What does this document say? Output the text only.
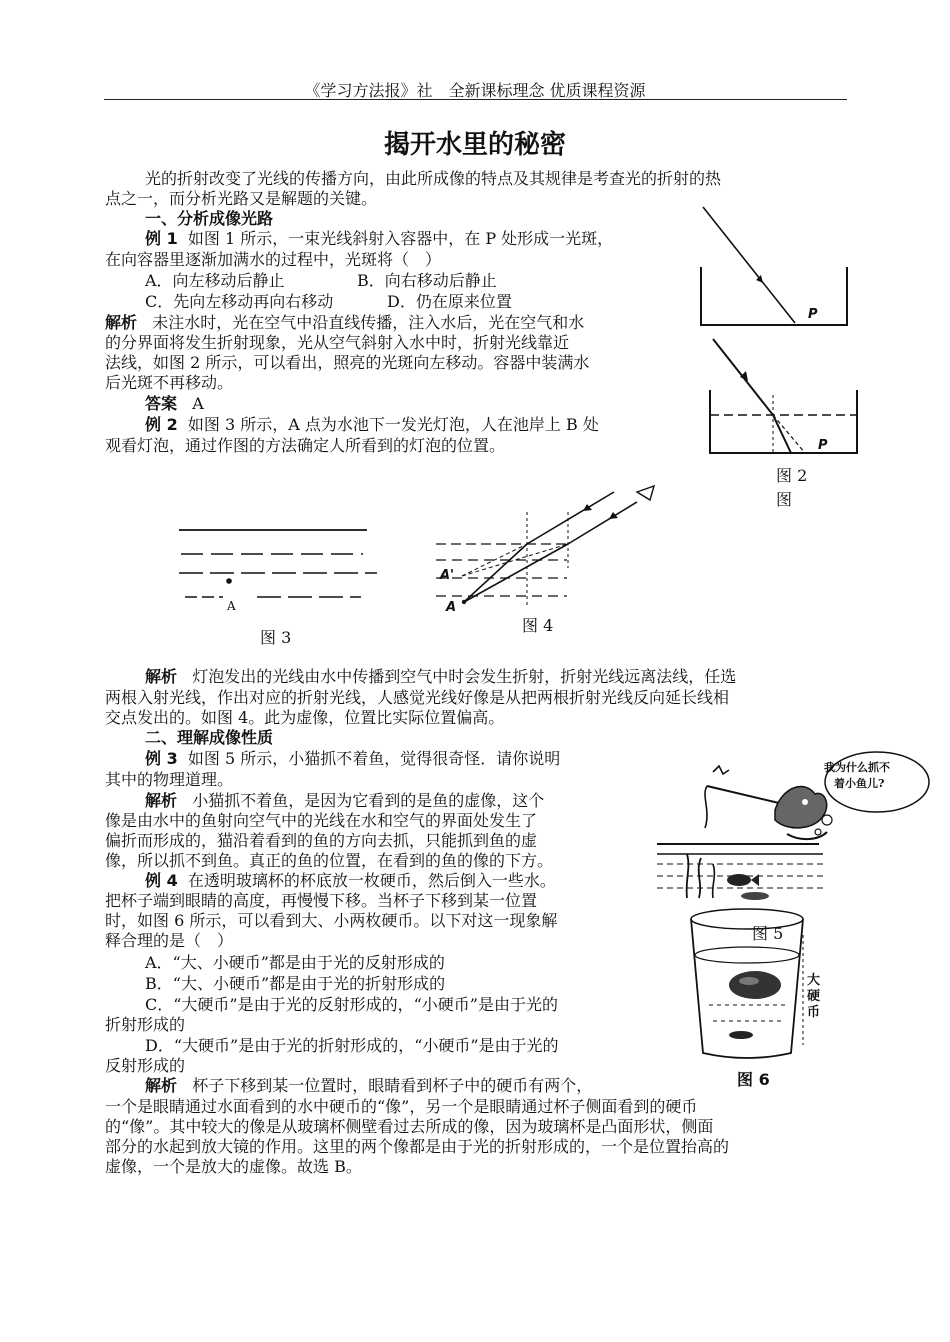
《学习方法报》社　全新课标理念 优质课程资源
揭开水里的秘密
光的折射改变了光线的传播方向，由此所成像的特点及其规律是考查光的折射的热
点之一，而分析光路又是解题的关键。
一、分析成像光路
例 1 如图 1 所示，一束光线斜射入容器中，在 P 处形成一光斑，
在向容器里逐渐加满水的过程中，光斑将（　）
A．向左移动后静止	B．向右移动后静止
C．先向左移动再向右移动	D．仍在原来位置
解析 未注水时，光在空气中沿直线传播，注入水后，光在空气和水
的分界面将发生折射现象，光从空气斜射入水中时，折射光线靠近
法线，如图 2 所示，可以看出，照亮的光斑向左移动。容器中装满水
后光斑不再移动。
答案 A
例 2 如图 3 所示，A 点为水池下一发光灯泡，人在池岸上 B 处
观看灯泡，通过作图的方法确定人所看到的灯泡的位置。
P
P
图 2
图
A
图 3
A'
A
图 4
解析 灯泡发出的光线由水中传播到空气中时会发生折射，折射光线远离法线，任选
两根入射光线，作出对应的折射光线，人感觉光线好像是从把两根折射光线反向延长线相
交点发出的。如图 4。此为虚像，位置比实际位置偏高。
二、理解成像性质
例 3 如图 5 所示，小猫抓不着鱼，觉得很奇怪．请你说明
其中的物理道理。
解析 小猫抓不着鱼，是因为它看到的是鱼的虚像，这个
像是由水中的鱼射向空气中的光线在水和空气的界面处发生了
偏折而形成的，猫沿着看到的鱼的方向去抓，只能抓到鱼的虚
像，所以抓不到鱼。真正的鱼的位置，在看到的鱼的像的下方。
例 4 在透明玻璃杯的杯底放一枚硬币，然后倒入一些水。
把杯子端到眼睛的高度，再慢慢下移。当杯子下移到某一位置
时，如图 6 所示，可以看到大、小两枚硬币。以下对这一现象解
释合理的是（　）
A．“大、小硬币”都是由于光的反射形成的
B．“大、小硬币”都是由于光的折射形成的
C．“大硬币”是由于光的反射形成的，“小硬币”是由于光的
折射形成的
D．“大硬币”是由于光的折射形成的，“小硬币”是由于光的
反射形成的
解析 杯子下移到某一位置时，眼睛看到杯子中的硬币有两个，
一个是眼睛通过水面看到的水中硬币的“像”，另一个是眼睛通过杯子侧面看到的硬币
的“像”。其中较大的像是从玻璃杯侧壁看过去所成的像，因为玻璃杯是凸面形状，侧面
部分的水起到放大镜的作用。这里的两个像都是由于光的折射形成的，一个是位置抬高的
虚像，一个是放大的虚像。故选 B。
我为什么抓不
着小鱼儿?
图 5
大
硬
币
图 6
